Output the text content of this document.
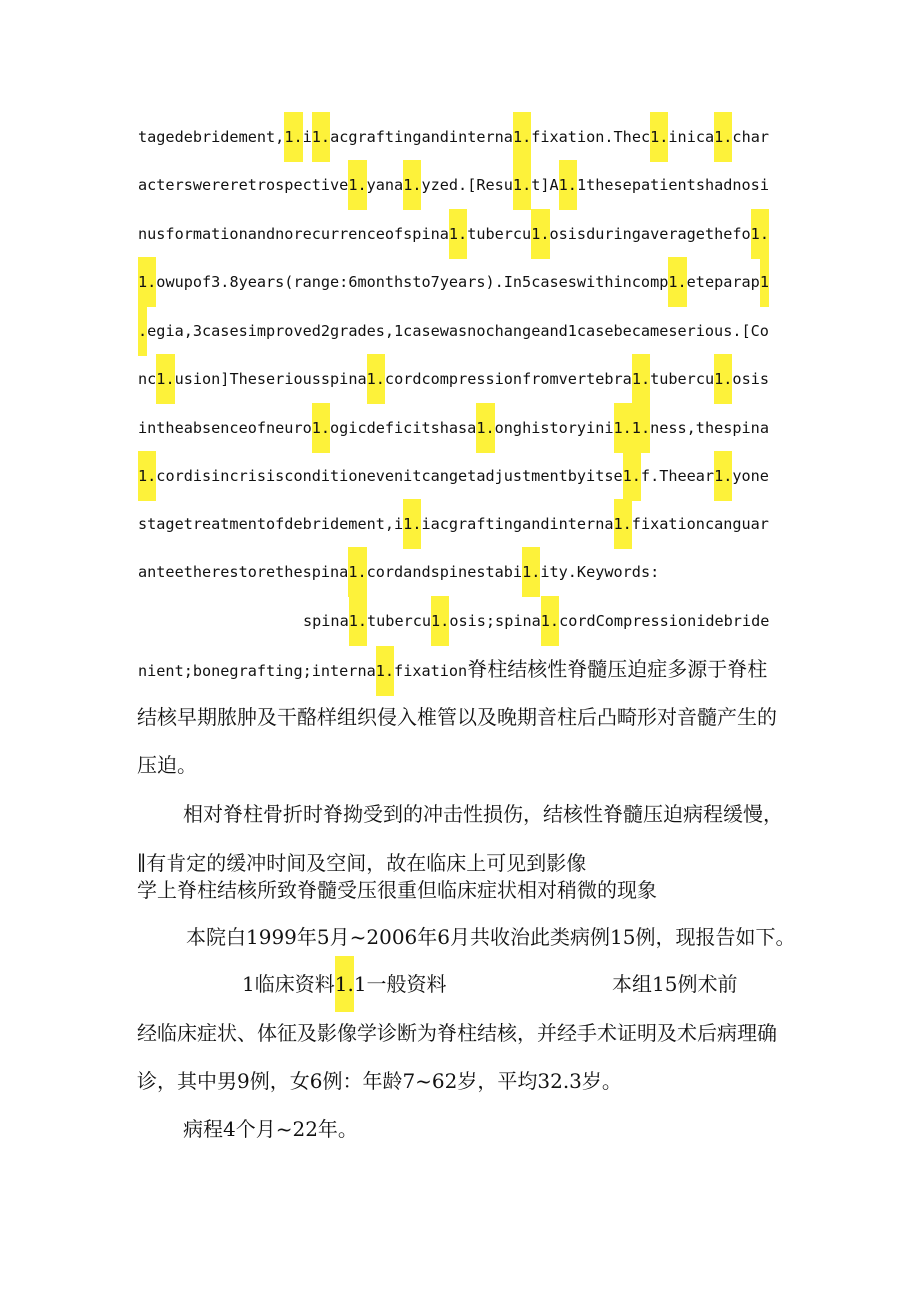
tagedebridement,1.i1.acgraftingandinterna1.fixation.Thec1.inica1.char
acterswereretrospective1.yana1.yzed.[Resu1.t]A1.1thesepatientshadnosi
nusformationandnorecurrenceofspina1.tubercu1.osisduringaveragethefo1.
1.owupof3.8years(range:6monthsto7years).In5caseswithincomp1.eteparap1
.egia,3casesimproved2grades,1casewasnochangeand1casebecameserious.[Co
nc1.usion]Theseriousspina1.cordcompressionfromvertebra1.tubercu1.osis
intheabsenceofneuro1.ogicdeficitshasa1.onghistoryini1.1.ness,thespina
1.cordisincrisisconditionevenitcangetadjustmentbyitse1.f.Theear1.yone
stagetreatmentofdebridement,i1.iacgraftingandinterna1.fixationcanguar
anteetherestorethespina1.cordandspinestabi1.ity.Keywords:
spina1.tubercu1.osis;spina1.cordCompressionidebride
nient;bonegrafting;interna1.fixation脊柱结核性脊髓压迫症多源于脊柱
结核早期脓肿及干酪样组织侵入椎管以及晚期音柱后凸畸形对音髓产生的
压迫。
相对脊柱骨折时脊拗受到的冲击性损伤，结核性脊髓压迫病程缓慢，
∥有肯定的缓冲时间及空间，故在临床上可见到影像
学上脊柱结核所致脊髓受压很重但临床症状相对稍微的现象
本院白1999年5月~2006年6月共收治此类病例15例，现报告如下。
1临床资料1.1一般资料	本组15例术前
经临床症状、体征及影像学诊断为脊柱结核，并经手术证明及术后病理确
诊，其中男9例，女6例：年龄7~62岁，平均32.3岁。
病程4个月~22年。
